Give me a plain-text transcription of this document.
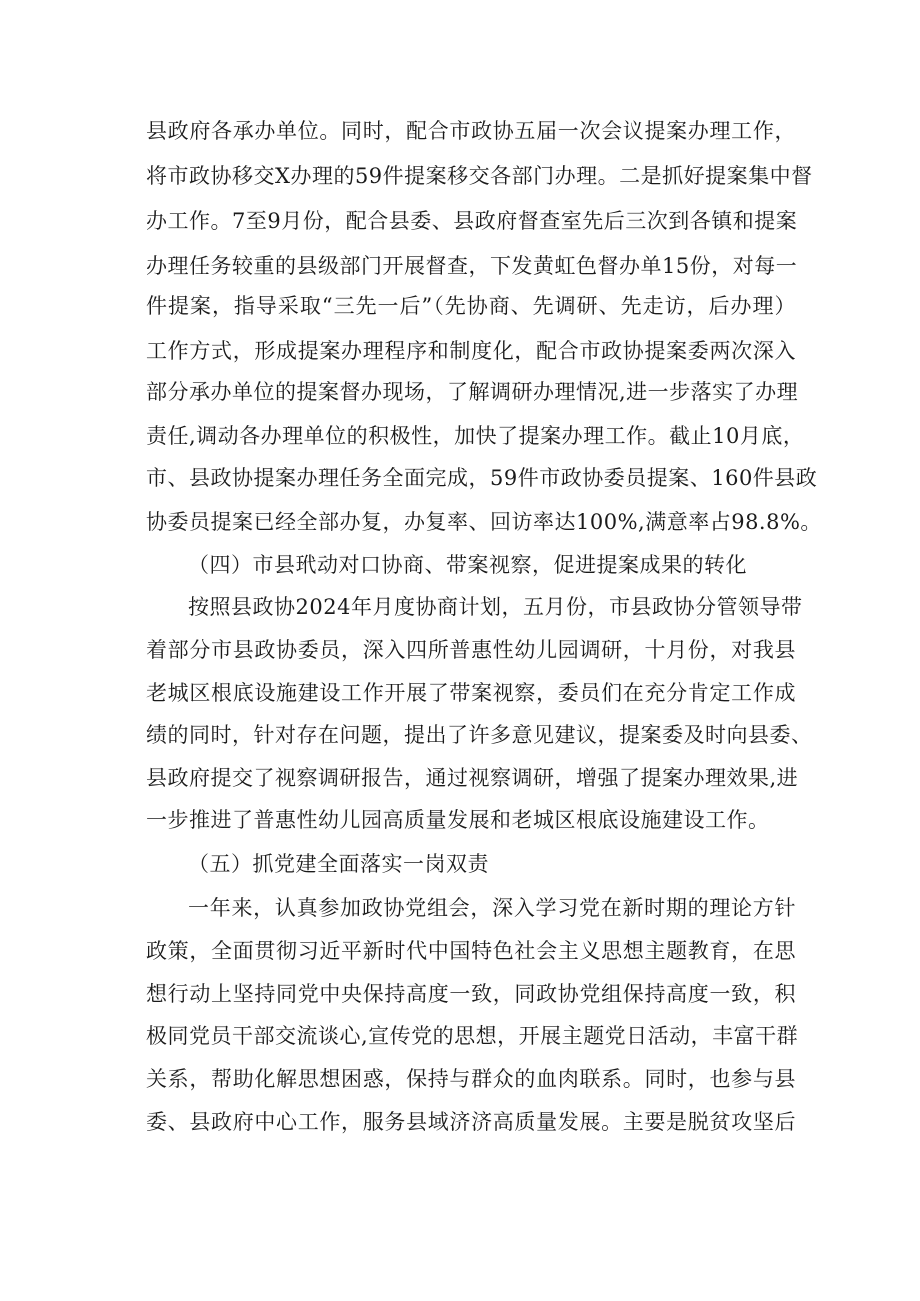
县政府各承办单位。同时，配合市政协五届一次会议提案办理工作，
将市政协移交X办理的59件提案移交各部门办理。二是抓好提案集中督
办工作。7至9月份，配合县委、县政府督查室先后三次到各镇和提案
办理任务较重的县级部门开展督查，下发黄虹色督办单15份，对每一
件提案，指导采取“三先一后”（先协商、先调研、先走访，后办理）
工作方式，形成提案办理程序和制度化，配合市政协提案委两次深入
部分承办单位的提案督办现场，了解调研办理情况,进一步落实了办理
责任,调动各办理单位的积极性，加快了提案办理工作。截止10月底，
市、县政协提案办理任务全面完成，59件市政协委员提案、160件县政
协委员提案已经全部办复，办复率、回访率达100%,满意率占98.8%。
（四）市县玳动对口协商、带案视察，促进提案成果的转化
按照县政协2024年月度协商计划，五月份，市县政协分管领导带
着部分市县政协委员，深入四所普惠性幼儿园调研，十月份，对我县
老城区根底设施建设工作开展了带案视察，委员们在充分肯定工作成
绩的同时，针对存在问题，提出了许多意见建议，提案委及时向县委、
县政府提交了视察调研报告，通过视察调研，增强了提案办理效果,进
一步推进了普惠性幼儿园高质量发展和老城区根底设施建设工作。
（五）抓党建全面落实一岗双责
一年来，认真参加政协党组会，深入学习党在新时期的理论方针
政策，全面贯彻习近平新时代中国特色社会主义思想主题教育，在思
想行动上坚持同党中央保持高度一致，同政协党组保持高度一致，积
极同党员干部交流谈心,宣传党的思想，开展主题党日活动，丰富干群
关系，帮助化解思想困惑，保持与群众的血肉联系。同时，也参与县
委、县政府中心工作，服务县域济济高质量发展。主要是脱贫攻坚后
